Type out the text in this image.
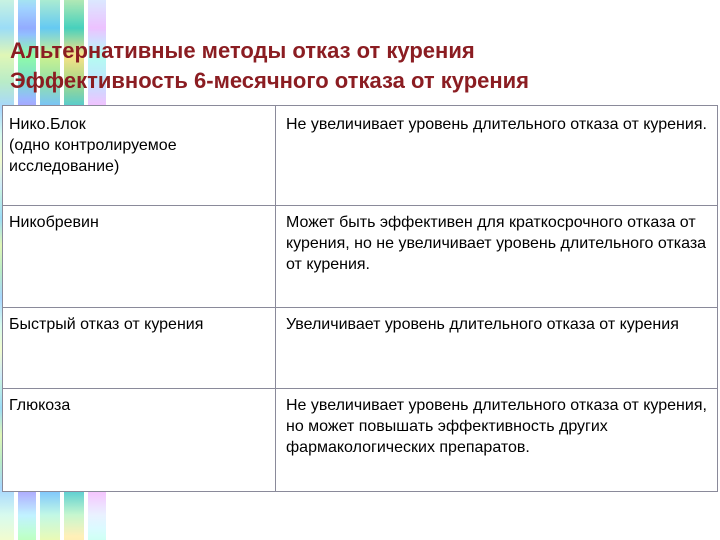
Альтернативные методы отказ от курения
Эффективность 6-месячного отказа от курения
Нико.Блок
(одно контролируемое
исследование)	Не увеличивает уровень длительного отказа от курения.

Никобревин	Может быть эффективен для краткосрочного отказа от курения, но не увеличивает уровень длительного отказа от курения.

Быстрый отказ от курения	Увеличивает уровень длительного отказа от курения

Глюкоза	Не увеличивает уровень длительного отказа от курения, но может повышать эффективность других фармакологических препаратов.
